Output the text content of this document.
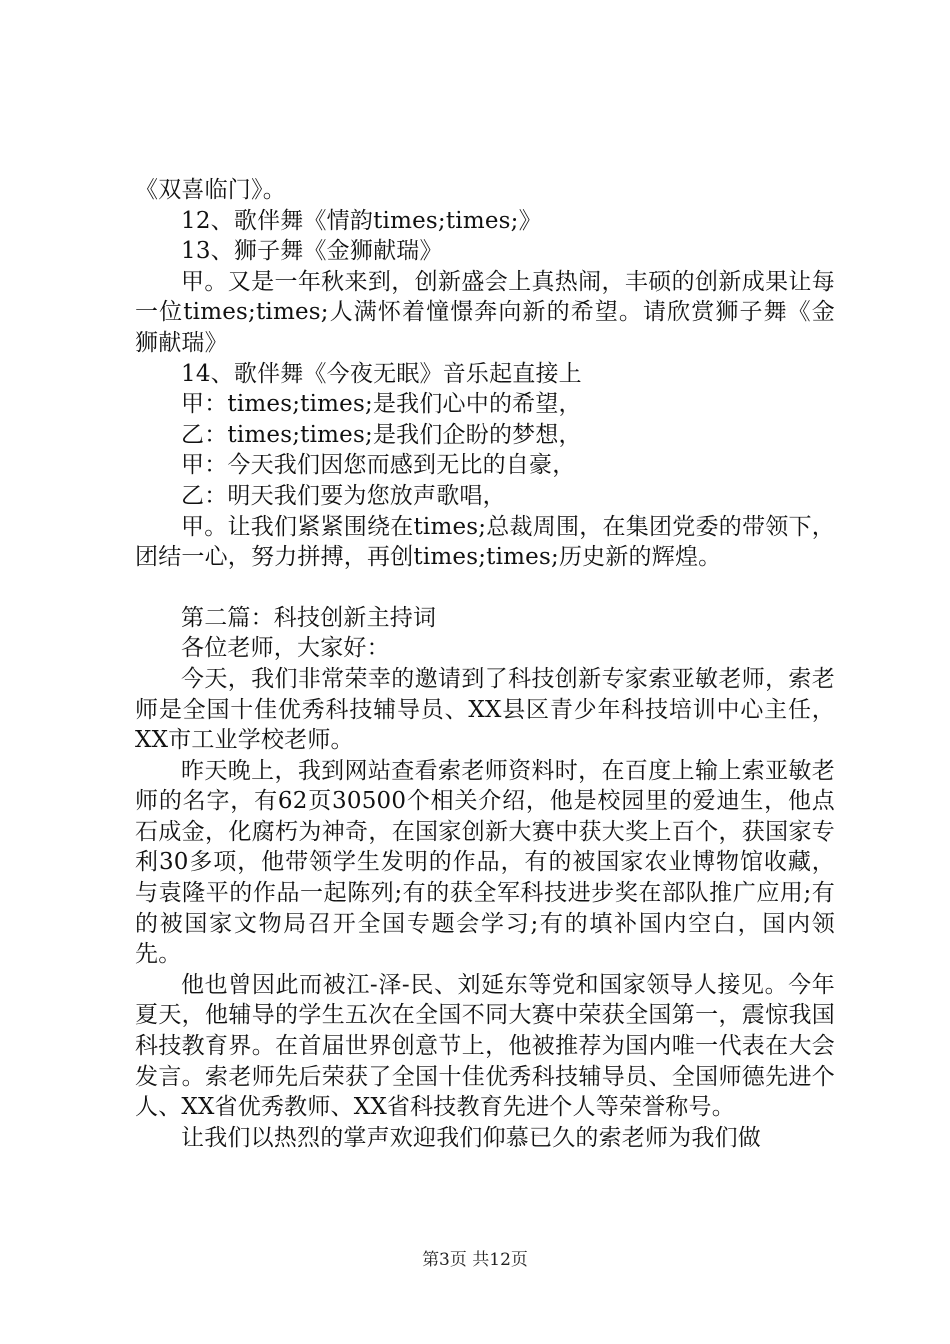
《双喜临门》。

12、歌伴舞《情韵times;times;》

13、狮子舞《金狮献瑞》

甲。又是一年秋来到，创新盛会上真热闹，丰硕的创新成果让每一位times;times;人满怀着憧憬奔向新的希望。请欣赏狮子舞《金狮献瑞》

14、歌伴舞《今夜无眠》音乐起直接上

甲：times;times;是我们心中的希望，

乙：times;times;是我们企盼的梦想，

甲：今天我们因您而感到无比的自豪，

乙：明天我们要为您放声歌唱，

甲。让我们紧紧围绕在times;总裁周围，在集团党委的带领下，团结一心，努力拼搏，再创times;times;历史新的辉煌。

第二篇：科技创新主持词

各位老师，大家好：

今天，我们非常荣幸的邀请到了科技创新专家索亚敏老师，索老师是全国十佳优秀科技辅导员、XX县区青少年科技培训中心主任，XX市工业学校老师。

昨天晚上，我到网站查看索老师资料时，在百度上输上索亚敏老师的名字，有62页30500个相关介绍，他是校园里的爱迪生，他点石成金，化腐朽为神奇，在国家创新大赛中获大奖上百个，获国家专利30多项，他带领学生发明的作品，有的被国家农业博物馆收藏，与袁隆平的作品一起陈列;有的获全军科技进步奖在部队推广应用;有的被国家文物局召开全国专题会学习;有的填补国内空白，国内领先。

他也曾因此而被江-泽-民、刘延东等党和国家领导人接见。今年夏天，他辅导的学生五次在全国不同大赛中荣获全国第一，震惊我国科技教育界。在首届世界创意节上，他被推荐为国内唯一代表在大会发言。索老师先后荣获了全国十佳优秀科技辅导员、全国师德先进个人、XX省优秀教师、XX省科技教育先进个人等荣誉称号。

让我们以热烈的掌声欢迎我们仰慕已久的索老师为我们做

第3页 共12页
